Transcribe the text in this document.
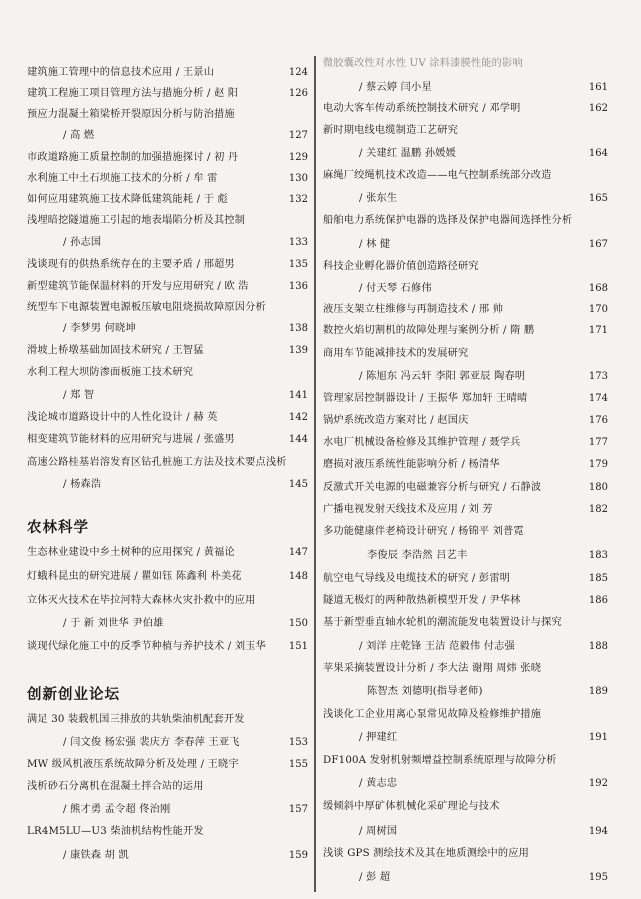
建筑施工管理中的信息技术应用 / 王景山	124
建筑工程施工项目管理方法与措施分析 / 赵 阳	126
预应力混凝土箱梁桥开裂原因分析与防治措施
/ 高 燃	127
市政道路施工质量控制的加强措施探讨 / 初 丹	129
水利施工中土石坝施工技术的分析 / 牟 雷	130
如何应用建筑施工技术降低建筑能耗 / 于 彪	132
浅埋暗挖隧道施工引起的地表塌陷分析及其控制
/ 孙志国	133
浅谈现有的供热系统存在的主要矛盾 / 邢超男	135
新型建筑节能保温材料的开发与应用研究 / 欧 浩	136
统型车下电源装置电源板压敏电阻烧损故障原因分析
/ 李梦男 何晓坤	138
滑坡上桥墩基础加固技术研究 / 王智猛	139
水利工程大坝防渗面板施工技术研究
/ 郑 智	141
浅论城市道路设计中的人性化设计 / 赫 英	142
相变建筑节能材料的应用研究与进展 / 张盛男	144
高速公路桂基岩溶发育区钻孔桩施工方法及技术要点浅析
/ 杨森浩	145
生态林业建设中乡土树种的应用探究 / 黄福论	147
灯蛾科昆虫的研究进展 / 瞿如钰 陈鑫利 朴美花	148
立体灭火技术在毕拉河特大森林火灾扑救中的应用
/ 于 新 刘世华 尹伯雄	150
谈现代绿化施工中的反季节种植与养护技术 / 刘玉华 151
满足 30 装载机国三排放的共轨柴油机配套开发
/ 闫文俊 杨宏强 裴庆方 李春萍 王亚飞	153
MW 级风机液压系统故障分析及处理 / 王晓宇	155
浅析砂石分离机在混凝土拌合站的运用
/ 熊才勇 孟令超 佟治刚	157
LR4M5LU—U3 柴油机结构性能开发
/ 康铁森 胡 凯	159
农林科学
创新创业论坛
微胶囊改性对水性 UV 涂料漆膜性能的影响
/ 蔡云婷 闫小星	161
电动大客车传动系统控制技术研究 / 邓学明	162
新时期电线电缆制造工艺研究
/ 关建红 温鹏 孙媛媛	164
麻绳厂绞绳机技术改造——电气控制系统部分改造
/ 张东生	165
船舶电力系统保护电器的选择及保护电器间选择性分析
/ 林 健	167
科技企业孵化器价值创造路径研究
/ 付天琴 石修伟	168
液压支架立柱维修与再制造技术 / 邢 帅	170
数控火焰切割机的故障处理与案例分析 / 隋 鹏	171
商用车节能减排技术的发展研究
/ 陈旭东 冯云轩 李阳 郭亚辰 陶春明	173
管理家居控制器设计 / 王振华 郑加轩 王晴晴	174
锅炉系统改造方案对比 / 赵国庆	176
水电厂机械设备检修及其维护管理 / 聂学兵	177
磨损对液压系统性能影响分析 / 杨清华	179
反激式开关电源的电磁兼容分析与研究 / 石静波	180
广播电视发射天线技术及应用 / 刘 芳	182
多功能健康伴老椅设计研究 / 杨锦平 刘普霓
李俊辰 李浩然 吕艺丰	183
航空电气导线及电缆技术的研究 / 彭雷明	185
隧道无极灯的两种散热新模型开发 / 尹华林	186
基于新型垂直轴水轮机的潮流能发电装置设计与探究
/ 刘洋 庄乾锋 王洁 范毅伟 付志强	188
苹果采摘装置设计分析 / 李大法 谢翔 周炜 张晓
陈智杰 刘德明(指导老师)	189
浅谈化工企业用离心泵常见故障及检修维护措施
/ 押建红	191
DF100A 发射机射频增益控制系统原理与故障分析
/ 黄志忠	192
缓倾斜中厚矿体机械化采矿理论与技术
/ 周树国	194
浅谈 GPS 测绘技术及其在地质测绘中的应用
/ 彭 超	195
